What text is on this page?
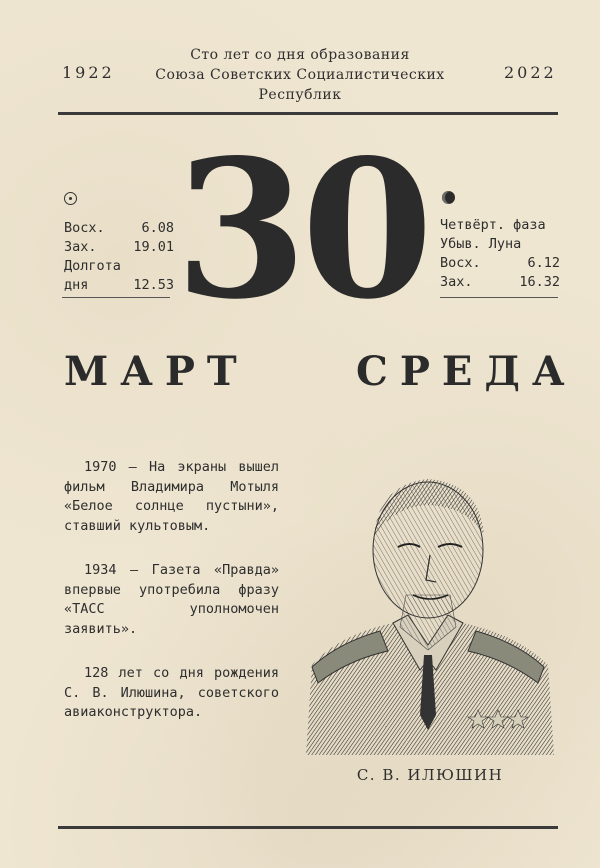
1922
Сто лет со дня образования
Союза Советских Социалистических
Республик
2022
Восх.	6.08
Зах.	19.01
Долгота
дня	12.53 30 Четвёрт. фаза
Убыв. Луна
Восх.	6.12
Зах.	16.32
МАРТ	СРЕДА

1970 — На экраны вышел фильм Владимира Мотыля «Белое солнце пустыни», ставший культовым.

1934 — Газета «Правда» впервые употребила фразу «ТАСС уполномочен заявить».

128 лет со дня рождения С. В. Илюшина, советского авиаконструктора.

С. В. ИЛЮШИН
